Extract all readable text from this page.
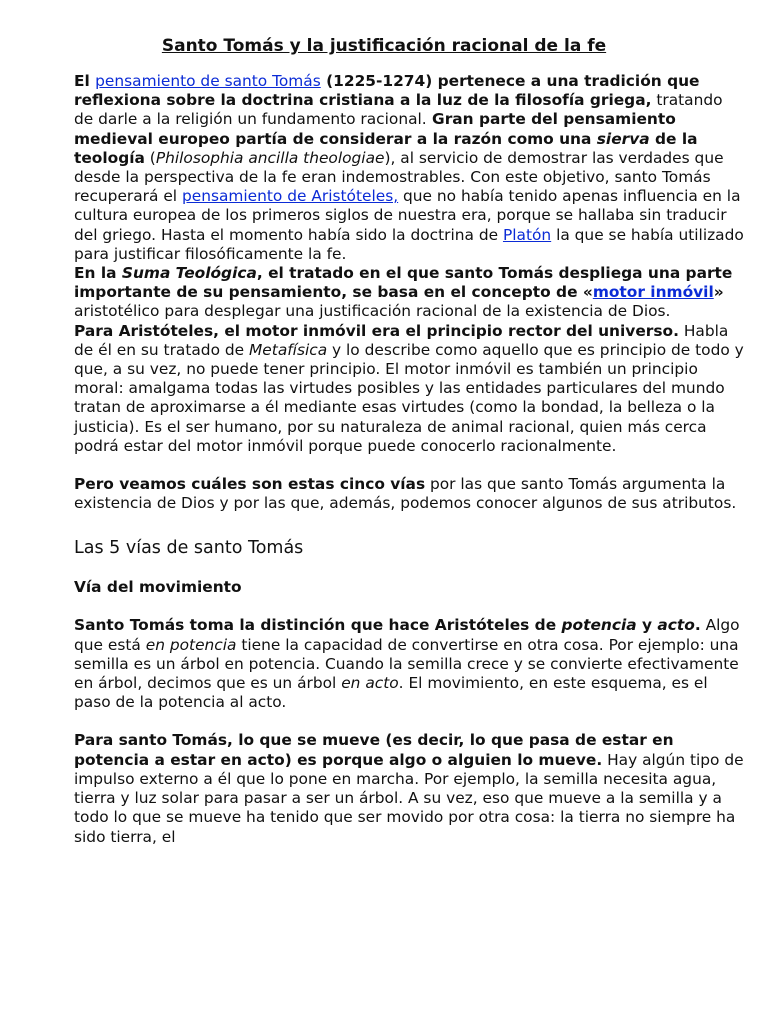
Santo Tomás y la justificación racional de la fe

El pensamiento de santo Tomás (1225-1274) pertenece a una tradición que reflexiona sobre la doctrina cristiana a la luz de la filosofía griega, tratando de darle a la religión un fundamento racional. Gran parte del pensamiento medieval europeo partía de considerar a la razón como una sierva de la teología (Philosophia ancilla theologiae), al servicio de demostrar las verdades que desde la perspectiva de la fe eran indemostrables. Con este objetivo, santo Tomás recuperará el pensamiento de Aristóteles, que no había tenido apenas influencia en la cultura europea de los primeros siglos de nuestra era, porque se hallaba sin traducir del griego. Hasta el momento había sido la doctrina de Platón la que se había utilizado para justificar filosóficamente la fe.

En la Suma Teológica, el tratado en el que santo Tomás despliega una parte importante de su pensamiento, se basa en el concepto de «motor inmóvil» aristotélico para desplegar una justificación racional de la existencia de Dios.

Para Aristóteles, el motor inmóvil era el principio rector del universo. Habla de él en su tratado de Metafísica y lo describe como aquello que es principio de todo y que, a su vez, no puede tener principio. El motor inmóvil es también un principio moral: amalgama todas las virtudes posibles y las entidades particulares del mundo tratan de aproximarse a él mediante esas virtudes (como la bondad, la belleza o la justicia). Es el ser humano, por su naturaleza de animal racional, quien más cerca podrá estar del motor inmóvil porque puede conocerlo racionalmente.

Pero veamos cuáles son estas cinco vías por las que santo Tomás argumenta la existencia de Dios y por las que, además, podemos conocer algunos de sus atributos.

Las 5 vías de santo Tomás
Vía del movimiento

Santo Tomás toma la distinción que hace Aristóteles de potencia y acto. Algo que está en potencia tiene la capacidad de convertirse en otra cosa. Por ejemplo: una semilla es un árbol en potencia. Cuando la semilla crece y se convierte efectivamente en árbol, decimos que es un árbol en acto. El movimiento, en este esquema, es el paso de la potencia al acto.

Para santo Tomás, lo que se mueve (es decir, lo que pasa de estar en potencia a estar en acto) es porque algo o alguien lo mueve. Hay algún tipo de impulso externo a él que lo pone en marcha. Por ejemplo, la semilla necesita agua, tierra y luz solar para pasar a ser un árbol. A su vez, eso que mueve a la semilla y a todo lo que se mueve ha tenido que ser movido por otra cosa: la tierra no siempre ha sido tierra, el
